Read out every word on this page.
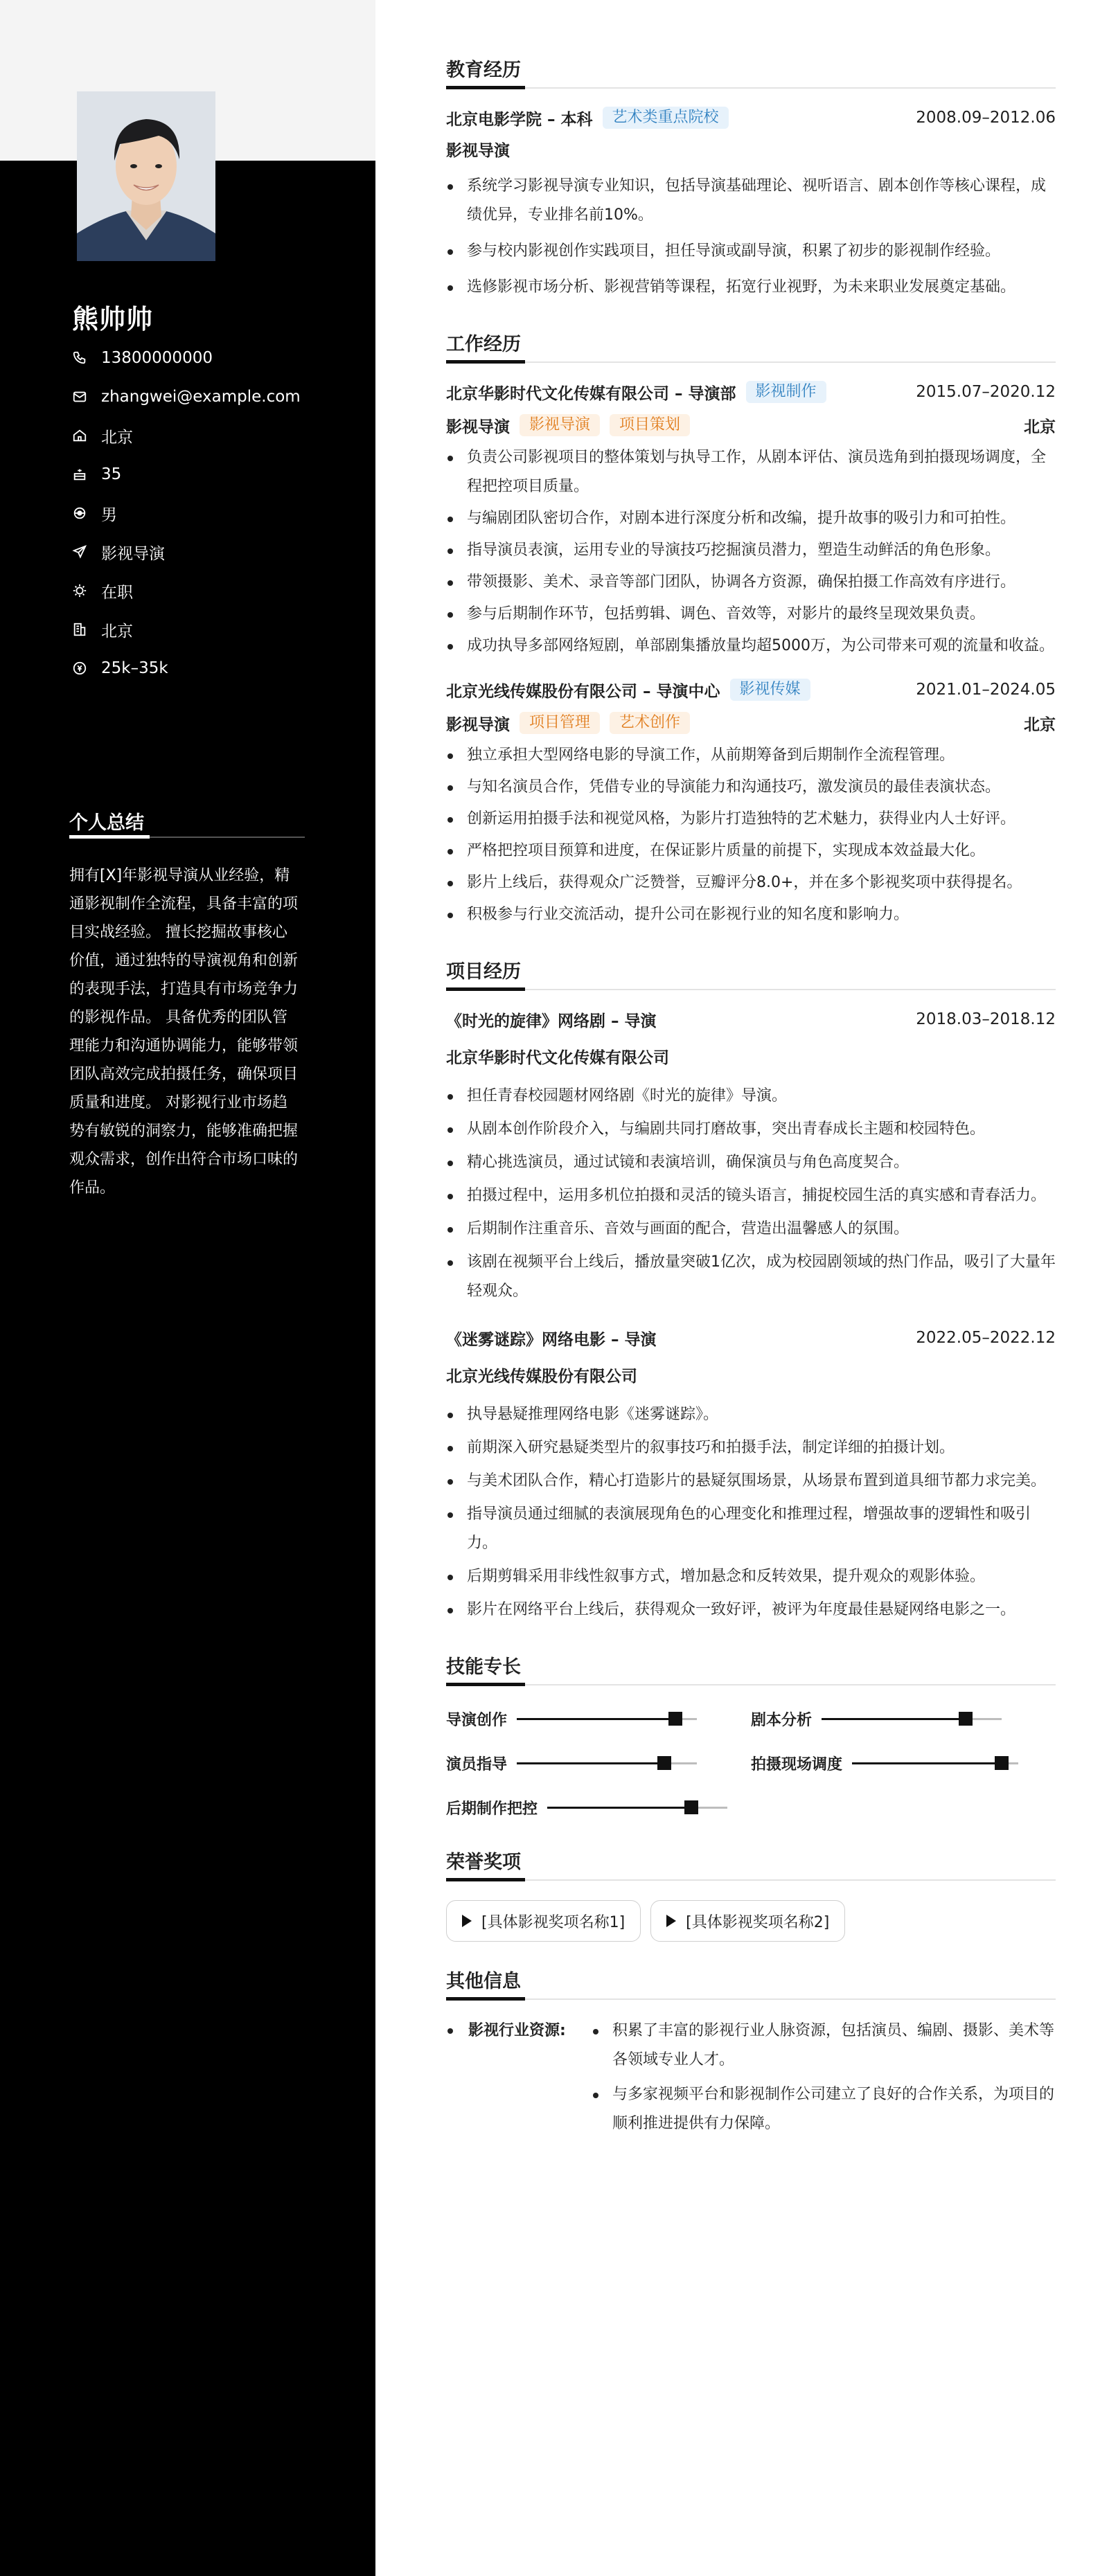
熊帅帅
13800000000
zhangwei@example.com
北京
35
男
影视导演
在职
北京
25k–35k
个人总结
拥有[X]年影视导演从业经验，精通影视制作全流程，具备丰富的项目实战经验。 擅长挖掘故事核心价值，通过独特的导演视角和创新的表现手法，打造具有市场竞争力的影视作品。 具备优秀的团队管理能力和沟通协调能力，能够带领团队高效完成拍摄任务，确保项目质量和进度。 对影视行业市场趋势有敏锐的洞察力，能够准确把握观众需求，创作出符合市场口味的作品。
教育经历
北京电影学院 – 本科	艺术类重点院校	2008.09–2012.06
影视导演
系统学习影视导演专业知识，包括导演基础理论、视听语言、剧本创作等核心课程，成绩优异，专业排名前10%。
参与校内影视创作实践项目，担任导演或副导演，积累了初步的影视制作经验。
选修影视市场分析、影视营销等课程，拓宽行业视野，为未来职业发展奠定基础。
工作经历
北京华影时代文化传媒有限公司 – 导演部	影视制作	2015.07–2020.12
影视导演	影视导演	项目策划	北京
负责公司影视项目的整体策划与执导工作，从剧本评估、演员选角到拍摄现场调度，全程把控项目质量。
与编剧团队密切合作，对剧本进行深度分析和改编，提升故事的吸引力和可拍性。
指导演员表演，运用专业的导演技巧挖掘演员潜力，塑造生动鲜活的角色形象。
带领摄影、美术、录音等部门团队，协调各方资源，确保拍摄工作高效有序进行。
参与后期制作环节，包括剪辑、调色、音效等，对影片的最终呈现效果负责。
成功执导多部网络短剧，单部剧集播放量均超5000万，为公司带来可观的流量和收益。
北京光线传媒股份有限公司 – 导演中心	影视传媒	2021.01–2024.05
影视导演	项目管理	艺术创作	北京
独立承担大型网络电影的导演工作，从前期筹备到后期制作全流程管理。
与知名演员合作，凭借专业的导演能力和沟通技巧，激发演员的最佳表演状态。
创新运用拍摄手法和视觉风格，为影片打造独特的艺术魅力，获得业内人士好评。
严格把控项目预算和进度，在保证影片质量的前提下，实现成本效益最大化。
影片上线后，获得观众广泛赞誉，豆瓣评分8.0+，并在多个影视奖项中获得提名。
积极参与行业交流活动，提升公司在影视行业的知名度和影响力。
项目经历
《时光的旋律》网络剧 – 导演	2018.03–2018.12
北京华影时代文化传媒有限公司
担任青春校园题材网络剧《时光的旋律》导演。
从剧本创作阶段介入，与编剧共同打磨故事，突出青春成长主题和校园特色。
精心挑选演员，通过试镜和表演培训，确保演员与角色高度契合。
拍摄过程中，运用多机位拍摄和灵活的镜头语言，捕捉校园生活的真实感和青春活力。
后期制作注重音乐、音效与画面的配合，营造出温馨感人的氛围。
该剧在视频平台上线后，播放量突破1亿次，成为校园剧领域的热门作品，吸引了大量年轻观众。
《迷雾谜踪》网络电影 – 导演	2022.05–2022.12
北京光线传媒股份有限公司
执导悬疑推理网络电影《迷雾谜踪》。
前期深入研究悬疑类型片的叙事技巧和拍摄手法，制定详细的拍摄计划。
与美术团队合作，精心打造影片的悬疑氛围场景，从场景布置到道具细节都力求完美。
指导演员通过细腻的表演展现角色的心理变化和推理过程，增强故事的逻辑性和吸引力。
后期剪辑采用非线性叙事方式，增加悬念和反转效果，提升观众的观影体验。
影片在网络平台上线后，获得观众一致好评，被评为年度最佳悬疑网络电影之一。
技能专长
导演创作	剧本分析
演员指导	拍摄现场调度
后期制作把控
荣誉奖项
[具体影视奖项名称1]	[具体影视奖项名称2]
其他信息
影视行业资源:	积累了丰富的影视行业人脉资源，包括演员、编剧、摄影、美术等各领域专业人才。
与多家视频平台和影视制作公司建立了良好的合作关系，为项目的顺利推进提供有力保障。
